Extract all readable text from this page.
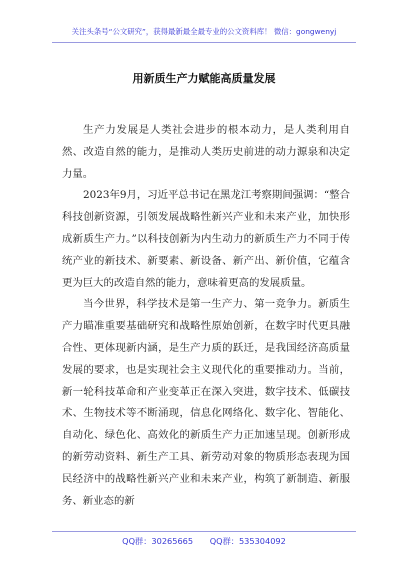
关注头条号“公文研究”，获得最新最全最专业的公文资料库！ 微信：gongwenyj
用新质生产力赋能高质量发展

生产力发展是人类社会进步的根本动力，是人类利用自然、改造自然的能力，是推动人类历史前进的动力源泉和决定力量。

2023年9月，习近平总书记在黑龙江考察期间强调：“整合科技创新资源，引领发展战略性新兴产业和未来产业，加快形成新质生产力。”以科技创新为内生动力的新质生产力不同于传统产业的新技术、新要素、新设备、新产出、新价值，它蕴含更为巨大的改造自然的能力，意味着更高的发展质量。

当今世界，科学技术是第一生产力、第一竞争力。新质生产力瞄准重要基础研究和战略性原始创新，在数字时代更具融合性、更体现新内涵，是生产力质的跃迁，是我国经济高质量发展的要求，也是实现社会主义现代化的重要推动力。当前，新一轮科技革命和产业变革正在深入突进，数字技术、低碳技术、生物技术等不断涌现，信息化网络化、数字化、智能化、自动化、绿色化、高效化的新质生产力正加速呈现。创新形成的新劳动资料、新生产工具、新劳动对象的物质形态表现为国民经济中的战略性新兴产业和未来产业，构筑了新制造、新服务、新业态的新

QQ群：30265665 QQ群：535304092
